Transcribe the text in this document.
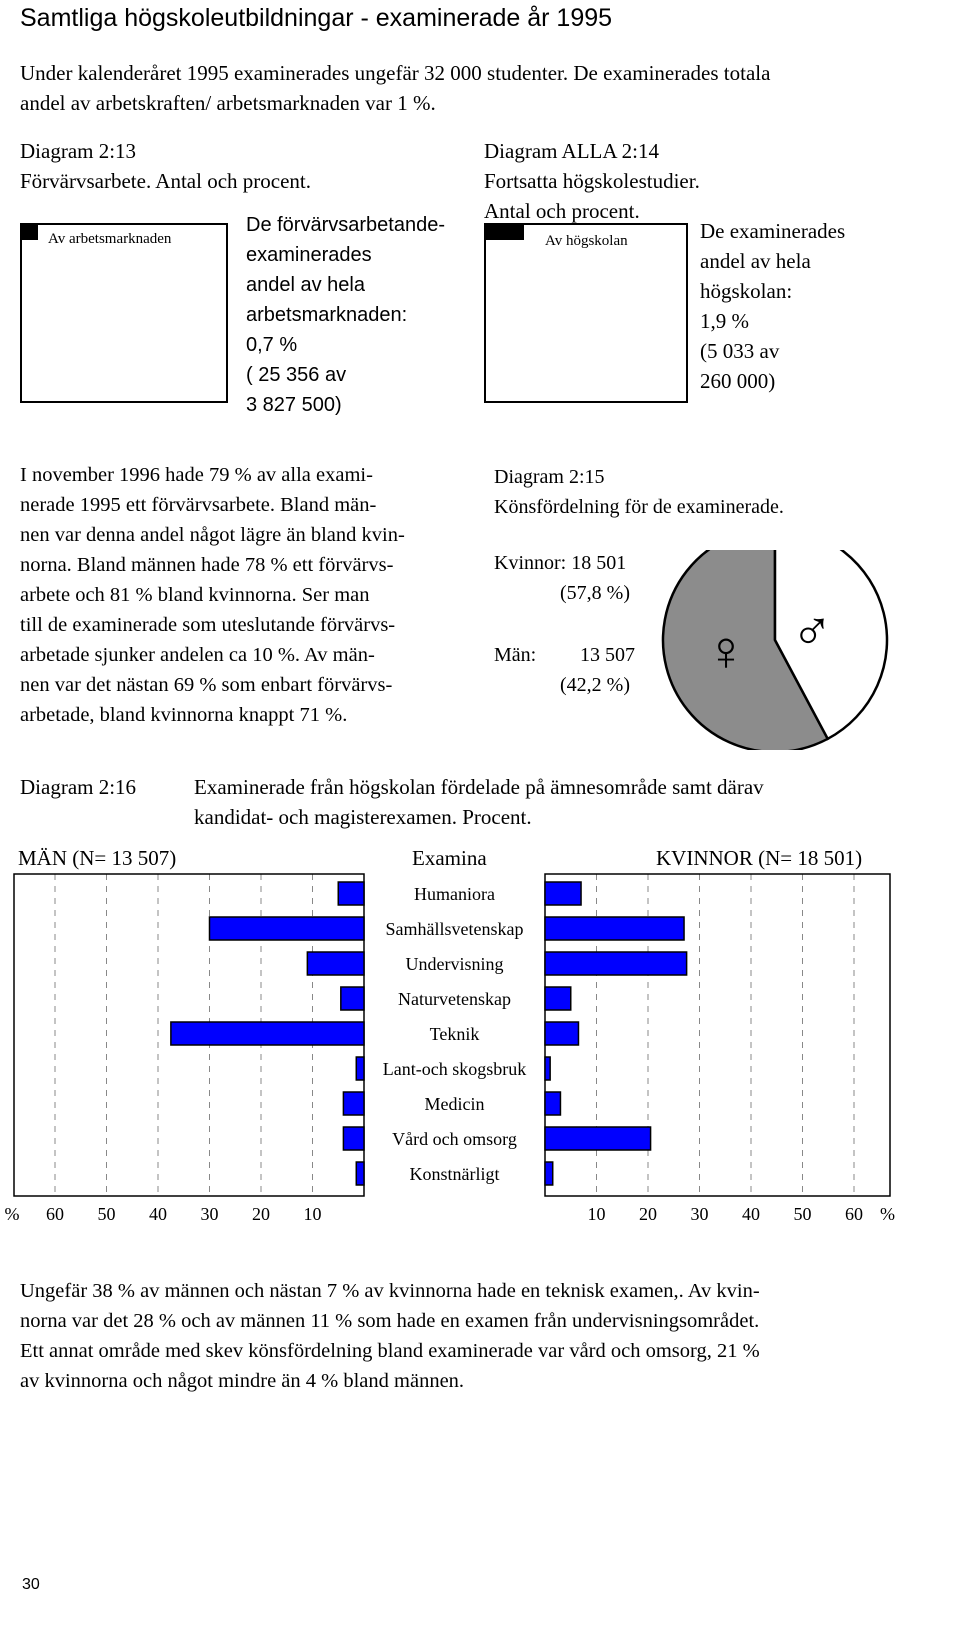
Samtliga högskoleutbildningar - examinerade år 1995
Under kalenderåret 1995 examinerades ungefär 32 000 studenter. De examinerades totala
andel av arbetskraften/ arbetsmarknaden var 1 %.
Diagram 2:13
Förvärvsarbete. Antal och procent.
Av arbetsmarknaden
De förvärvsarbetande-
examinerades
andel av hela
arbetsmarknaden:
0,7 %
( 25 356 av
3 827 500)
Diagram ALLA 2:14
Fortsatta högskolestudier.
Antal och procent.
Av högskolan	De examinerades
andel av hela
högskolan:
1,9 %
(5 033 av
260 000)
I november 1996 hade 79 % av alla exami-
nerade 1995 ett förvärvsarbete. Bland män-
nen var denna andel något lägre än bland kvin-
norna. Bland männen hade 78 % ett förvärvs-
arbete och 81 % bland kvinnorna. Ser man
till de examinerade som uteslutande förvärvs-
arbetade sjunker andelen ca 10 %. Av män-
nen var det nästan 69 % som enbart förvärvs-
arbetade, bland kvinnorna knappt 71 %.
Diagram 2:15
Könsfördelning för de examinerade.
Kvinnor: 18 501
(57,8 %)
Män: 13 507
(42,2 %)
♀ ♂
Diagram 2:16	Examinerade från högskolan fördelade på ämnesområde samt därav
kandidat- och magisterexamen. Procent.
MÄN (N= 13 507)	Examina	KVINNOR (N= 18 501)
Humaniora
Samhällsvetenskap
Undervisning
Naturvetenskap
Teknik
Lant-och skogsbruk
Medicin
Vård och omsorg
Konstnärligt
% 60 50 40 30 20 10	10 20 30 40 50 60 %
Ungefär 38 % av männen och nästan 7 % av kvinnorna hade en teknisk examen,. Av kvin-
norna var det 28 % och av männen 11 % som hade en examen från undervisningsområdet.
Ett annat område med skev könsfördelning bland examinerade var vård och omsorg, 21 %
av kvinnorna och något mindre än 4 % bland männen.
30
